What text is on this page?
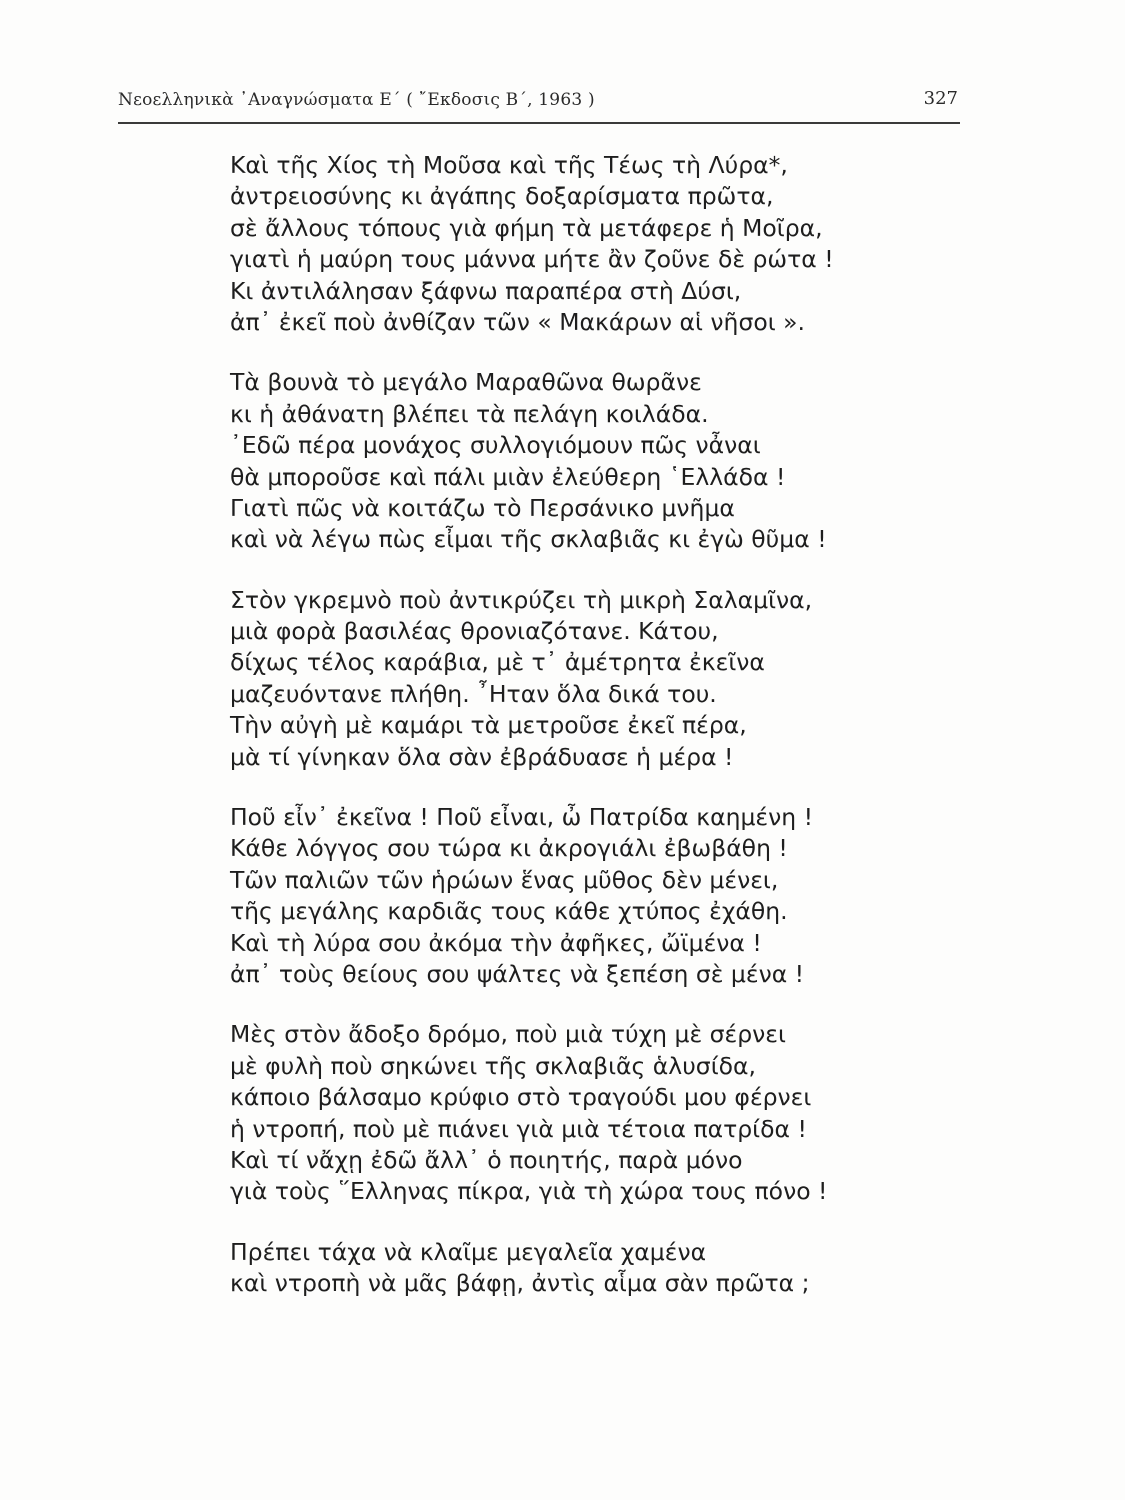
Νεοελληνικὰ ᾿Αναγνώσματα Ε΄ ( ῎Εκδοσις Β΄, 1963 )	327
Καὶ τῆς Χίος τὴ Μοῦσα καὶ τῆς Τέως τὴ Λύρα*,
ἀντρειοσύνης κι ἀγάπης δοξαρίσματα πρῶτα,
σὲ ἄλλους τόπους γιὰ φήμη τὰ μετάφερε ἡ Μοῖρα,
γιατὶ ἡ μαύρη τους μάννα μήτε ἂν ζοῦνε δὲ ρώτα !
Κι ἀντιλάλησαν ξάφνω παραπέρα στὴ Δύσι,
ἀπ᾿ ἐκεῖ ποὺ ἀνθίζαν τῶν « Μακάρων αἱ νῆσοι ».
Τὰ βουνὰ τὸ μεγάλο Μαραθῶνα θωρᾶνε
κι ἡ ἀθάνατη βλέπει τὰ πελάγη κοιλάδα.
᾿Εδῶ πέρα μονάχος συλλογιόμουν πῶς νἆναι
θὰ μποροῦσε καὶ πάλι μιὰν ἐλεύθερη ῾Ελλάδα !
Γιατὶ πῶς νὰ κοιτάζω τὸ Περσάνικο μνῆμα
καὶ νὰ λέγω πὼς εἶμαι τῆς σκλαβιᾶς κι ἐγὼ θῦμα !
Στὸν γκρεμνὸ ποὺ ἀντικρύζει τὴ μικρὴ Σαλαμῖνα,
μιὰ φορὰ βασιλέας θρονιαζότανε. Κάτου,
δίχως τέλος καράβια, μὲ τ᾿ ἀμέτρητα ἐκεῖνα
μαζευόντανε πλήθη. ῏Ηταν ὅλα δικά του.
Τὴν αὐγὴ μὲ καμάρι τὰ μετροῦσε ἐκεῖ πέρα,
μὰ τί γίνηκαν ὅλα σὰν ἐβράδυασε ἡ μέρα !
Ποῦ εἶν᾿ ἐκεῖνα ! Ποῦ εἶναι, ὦ Πατρίδα καημένη !
Κάθε λόγγος σου τώρα κι ἀκρογιάλι ἐβωβάθη !
Τῶν παλιῶν τῶν ἡρώων ἕνας μῦθος δὲν μένει,
τῆς μεγάλης καρδιᾶς τους κάθε χτύπος ἐχάθη.
Καὶ τὴ λύρα σου ἀκόμα τὴν ἀφῆκες, ὤϊμένα !
ἀπ᾿ τοὺς θείους σου ψάλτες νὰ ξεπέση σὲ μένα !
Μὲς στὸν ἄδοξο δρόμο, ποὺ μιὰ τύχη μὲ σέρνει
μὲ φυλὴ ποὺ σηκώνει τῆς σκλαβιᾶς ἁλυσίδα,
κάποιο βάλσαμο κρύφιο στὸ τραγούδι μου φέρνει
ἡ ντροπή, ποὺ μὲ πιάνει γιὰ μιὰ τέτοια πατρίδα !
Καὶ τί νἄχῃ ἐδῶ ἄλλ᾿ ὁ ποιητής, παρὰ μόνο
γιὰ τοὺς ῞Ελληνας πίκρα, γιὰ τὴ χώρα τους πόνο !
Πρέπει τάχα νὰ κλαῖμε μεγαλεῖα χαμένα
καὶ ντροπὴ νὰ μᾶς βάφῃ, ἀντὶς αἷμα σὰν πρῶτα ;
